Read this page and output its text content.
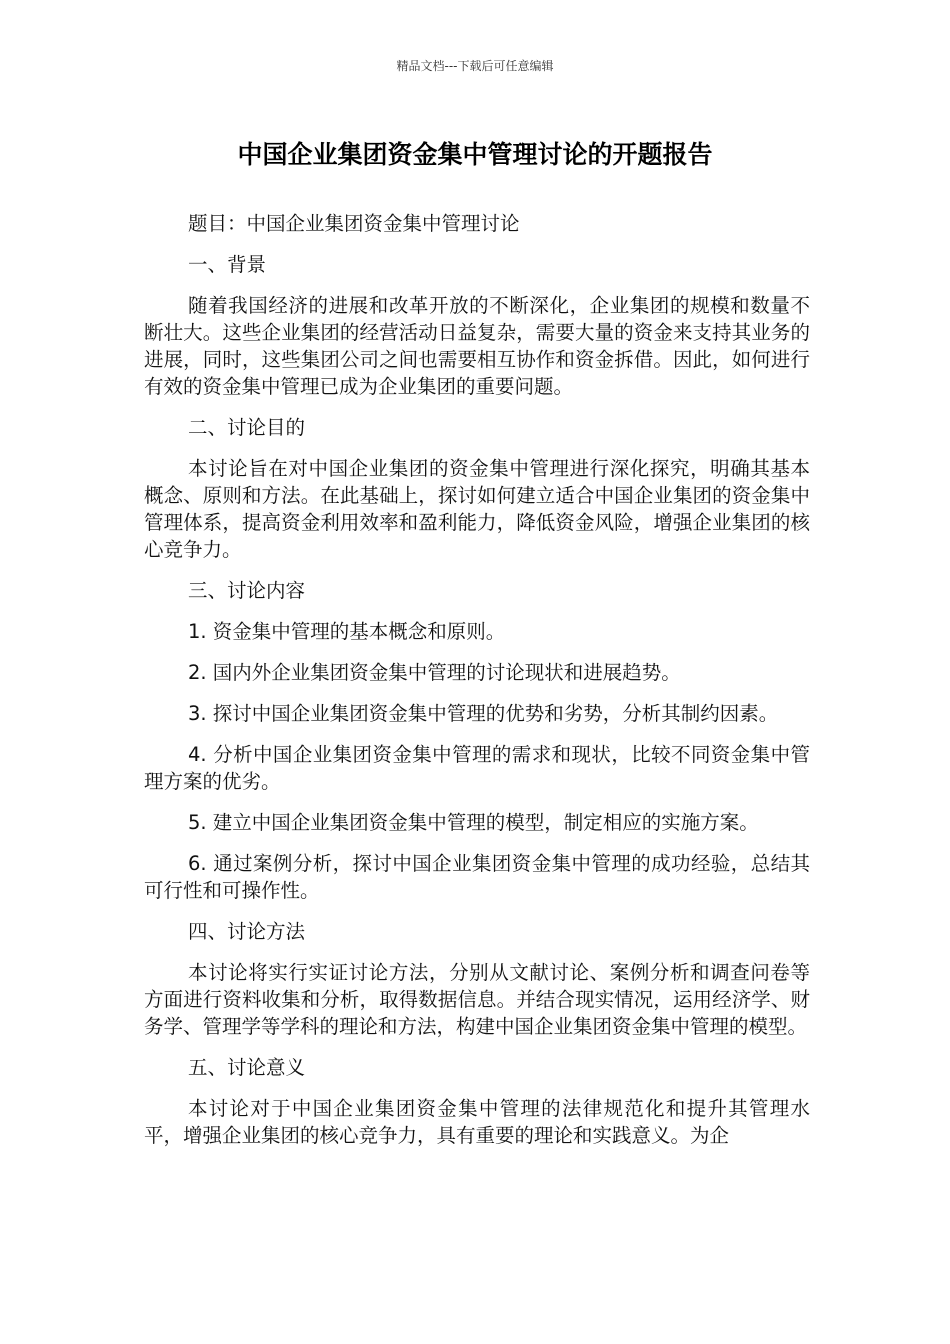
精品文档---下载后可任意编辑
中国企业集团资金集中管理讨论的开题报告

题目：中国企业集团资金集中管理讨论

一、背景

随着我国经济的进展和改革开放的不断深化，企业集团的规模和数量不断壮大。这些企业集团的经营活动日益复杂，需要大量的资金来支持其业务的进展，同时，这些集团公司之间也需要相互协作和资金拆借。因此，如何进行有效的资金集中管理已成为企业集团的重要问题。

二、讨论目的

本讨论旨在对中国企业集团的资金集中管理进行深化探究，明确其基本概念、原则和方法。在此基础上，探讨如何建立适合中国企业集团的资金集中管理体系，提高资金利用效率和盈利能力，降低资金风险，增强企业集团的核心竞争力。

三、讨论内容

1. 资金集中管理的基本概念和原则。

2. 国内外企业集团资金集中管理的讨论现状和进展趋势。

3. 探讨中国企业集团资金集中管理的优势和劣势，分析其制约因素。

4. 分析中国企业集团资金集中管理的需求和现状，比较不同资金集中管理方案的优劣。

5. 建立中国企业集团资金集中管理的模型，制定相应的实施方案。

6. 通过案例分析，探讨中国企业集团资金集中管理的成功经验，总结其可行性和可操作性。

四、讨论方法

本讨论将实行实证讨论方法，分别从文献讨论、案例分析和调查问卷等方面进行资料收集和分析，取得数据信息。并结合现实情况，运用经济学、财务学、管理学等学科的理论和方法，构建中国企业集团资金集中管理的模型。

五、讨论意义

本讨论对于中国企业集团资金集中管理的法律规范化和提升其管理水平，增强企业集团的核心竞争力，具有重要的理论和实践意义。为企
